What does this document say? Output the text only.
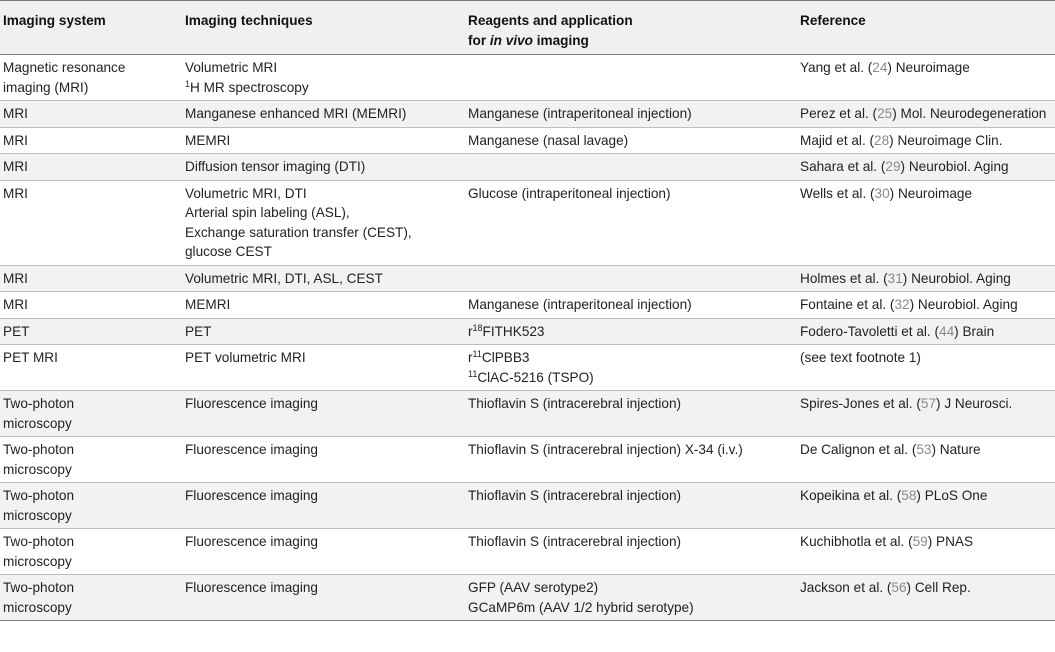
Imaging system	Imaging techniques	Reagents and application
for in vivo imaging	Reference

Magnetic resonance
imaging (MRI)	Volumetric MRI
$^1$H MR spectroscopy		Yang et al. (24) Neuroimage

MRI	Manganese enhanced MRI (MEMRI)	Manganese (intraperitoneal injection)	Perez et al. (25) Mol. Neurodegeneration

MRI	MEMRI	Manganese (nasal lavage)	Majid et al. (28) Neuroimage Clin.

MRI	Diffusion tensor imaging (DTI)		Sahara et al. (29) Neurobiol. Aging

MRI	Volumetric MRI, DTI
Arterial spin labeling (ASL),
Exchange saturation transfer (CEST),
glucose CEST	Glucose (intraperitoneal injection)	Wells et al. (30) Neuroimage

MRI	Volumetric MRI, DTI, ASL, CEST		Holmes et al. (31) Neurobiol. Aging

MRI	MEMRI	Manganese (intraperitoneal injection)	Fontaine et al. (32) Neurobiol. Aging

PET	PET	$r^{18}FITHK523$	Fodero-Tavoletti et al. (44) Brain

PET MRI	PET volumetric MRI	$r^{11}ClPBB3$
$^{11}$ClAC-5216 (TSPO)	(see text footnote 1)

Two-photon
microscopy	Fluorescence imaging	Thioflavin S (intracerebral injection)	Spires-Jones et al. (57) J Neurosci.

Two-photon
microscopy	Fluorescence imaging	Thioflavin S (intracerebral injection) X-34 (i.v.)	De Calignon et al. (53) Nature

Two-photon
microscopy	Fluorescence imaging	Thioflavin S (intracerebral injection)	Kopeikina et al. (58) PLoS One

Two-photon
microscopy	Fluorescence imaging	Thioflavin S (intracerebral injection)	Kuchibhotla et al. (59) PNAS

Two-photon
microscopy	Fluorescence imaging	GFP (AAV serotype2)
GCaMP6m (AAV 1/2 hybrid serotype)	Jackson et al. (56) Cell Rep.
